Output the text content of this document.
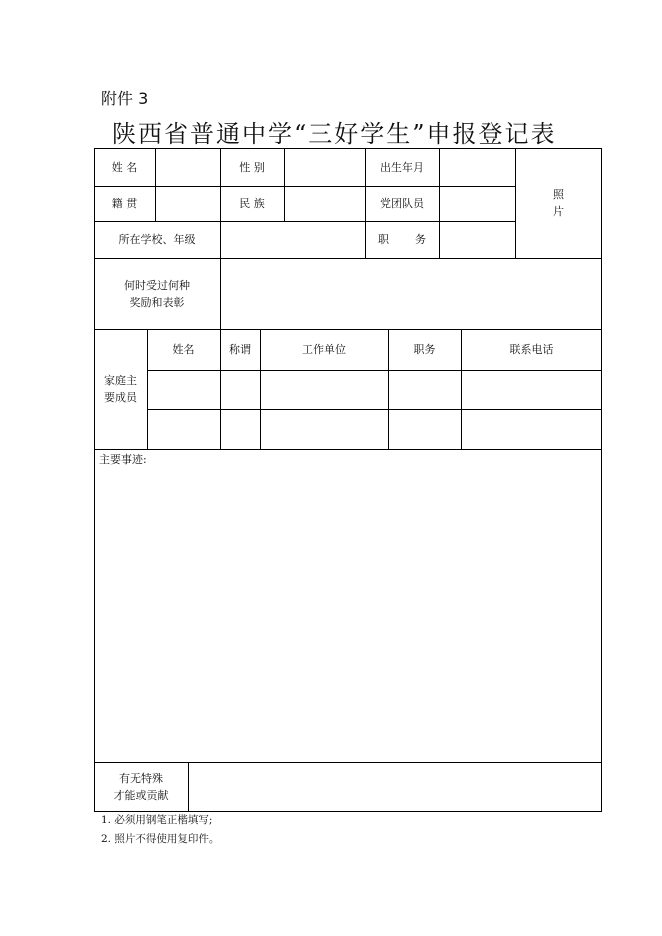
附件 3
陕西省普通中学“三好学生”申报登记表
姓 名	性 别	出生年月
照
片
籍 贯	民 族	党团队员
所在学校、年级	职 务
何时受过何种
奖励和表彰
家庭主
要成员
姓名	称谓	工作单位	职务	联系电话
主要事迹:
有无特殊
才能或贡献
1. 必须用钢笔正楷填写;
2. 照片不得使用复印件。
